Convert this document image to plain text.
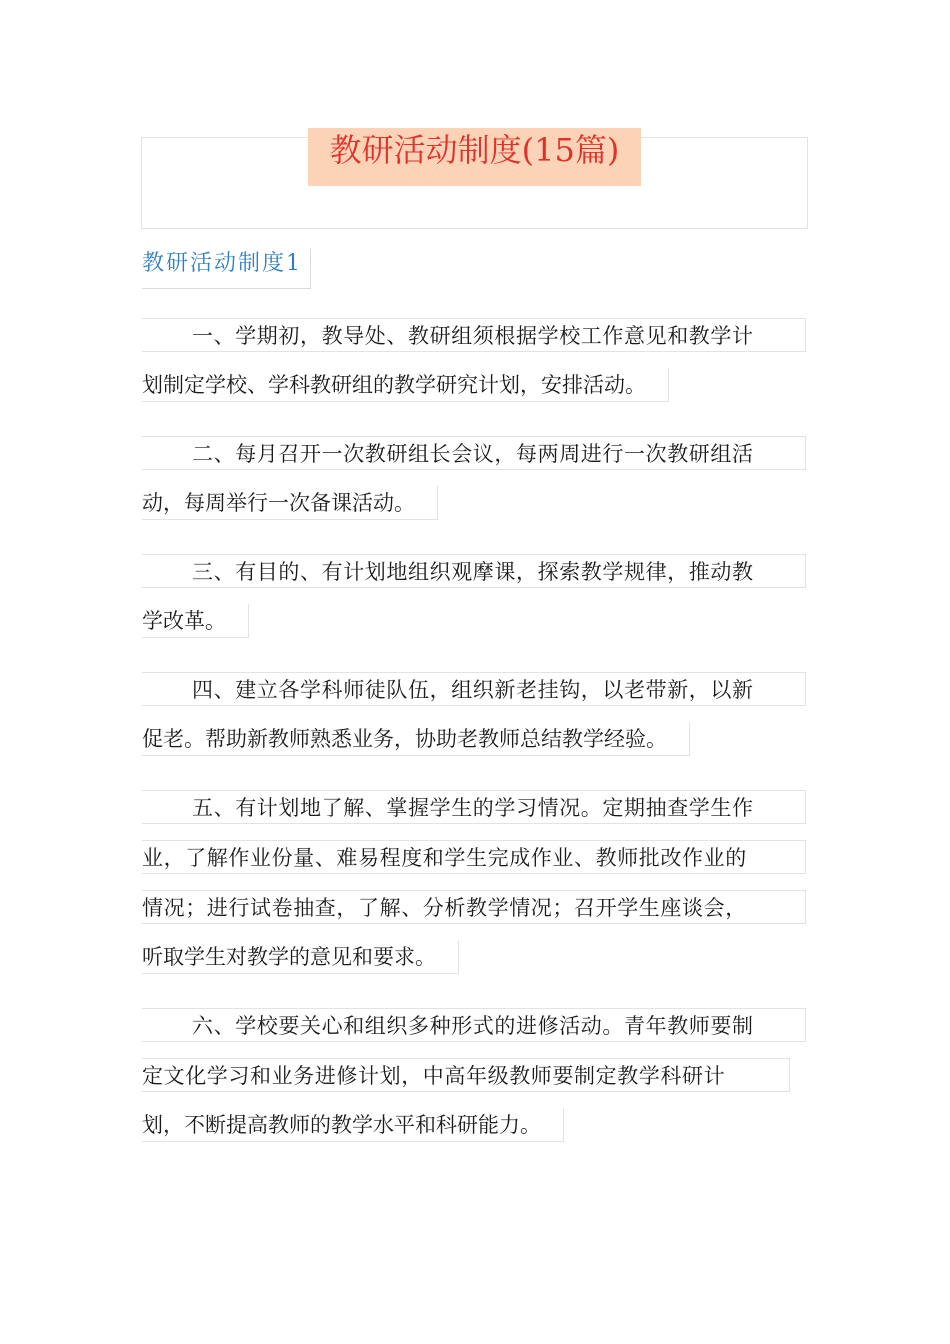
教研活动制度(15篇)
教研活动制度1
一、学期初，教导处、教研组须根据学校工作意见和教学计
划制定学校、学科教研组的教学研究计划，安排活动。
二、每月召开一次教研组长会议，每两周进行一次教研组活
动，每周举行一次备课活动。
三、有目的、有计划地组织观摩课，探索教学规律，推动教
学改革。
四、建立各学科师徒队伍，组织新老挂钩，以老带新，以新
促老。帮助新教师熟悉业务，协助老教师总结教学经验。
五、有计划地了解、掌握学生的学习情况。定期抽查学生作
业，了解作业份量、难易程度和学生完成作业、教师批改作业的
情况；进行试卷抽查，了解、分析教学情况；召开学生座谈会，
听取学生对教学的意见和要求。
六、学校要关心和组织多种形式的进修活动。青年教师要制
定文化学习和业务进修计划，中高年级教师要制定教学科研计
划，不断提高教师的教学水平和科研能力。
